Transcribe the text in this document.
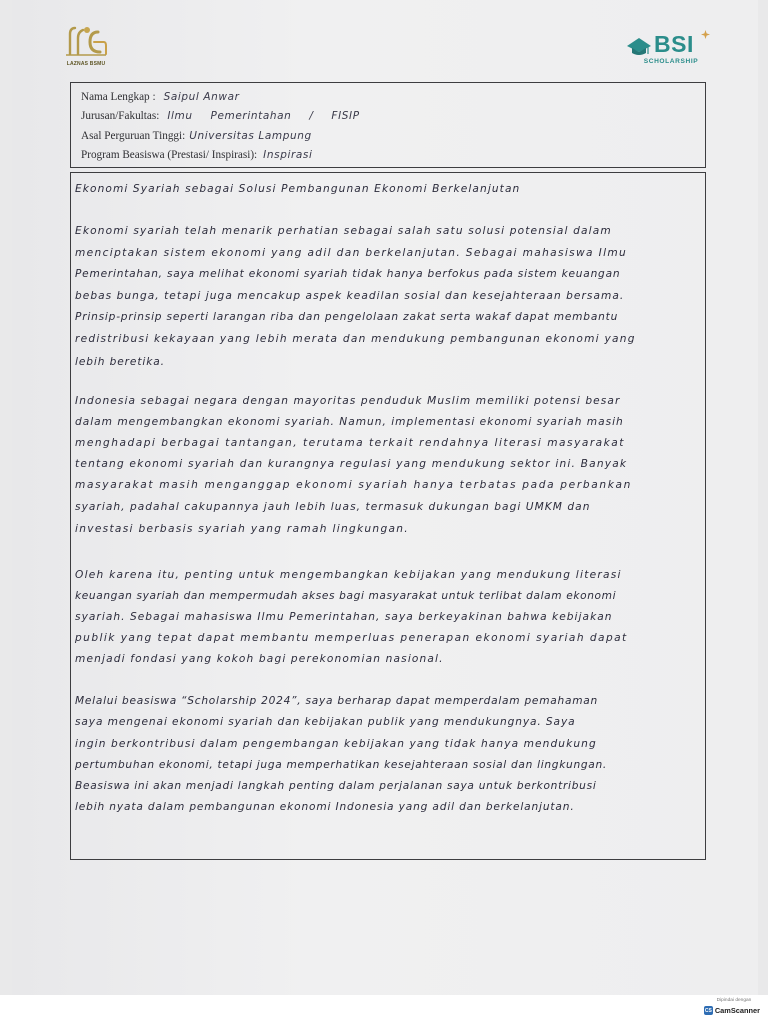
LAZNAS BSMU
BSI
SCHOLARSHIP
Nama Lengkap : Saipul Anwar
Jurusan/Fakultas: Ilmu Pemerintahan / FISIP
Asal Perguruan Tinggi: Universitas Lampung
Program Beasiswa (Prestasi/ Inspirasi): Inspirasi
Ekonomi Syariah sebagai Solusi Pembangunan Ekonomi Berkelanjutan
Ekonomi syariah telah menarik perhatian sebagai salah satu solusi potensial dalam
menciptakan sistem ekonomi yang adil dan berkelanjutan. Sebagai mahasiswa Ilmu
Pemerintahan, saya melihat ekonomi syariah tidak hanya berfokus pada sistem keuangan
bebas bunga, tetapi juga mencakup aspek keadilan sosial dan kesejahteraan bersama.
Prinsip-prinsip seperti larangan riba dan pengelolaan zakat serta wakaf dapat membantu
redistribusi kekayaan yang lebih merata dan mendukung pembangunan ekonomi yang
lebih beretika.
Indonesia sebagai negara dengan mayoritas penduduk Muslim memiliki potensi besar
dalam mengembangkan ekonomi syariah. Namun, implementasi ekonomi syariah masih
menghadapi berbagai tantangan, terutama terkait rendahnya literasi masyarakat
tentang ekonomi syariah dan kurangnya regulasi yang mendukung sektor ini. Banyak
masyarakat masih menganggap ekonomi syariah hanya terbatas pada perbankan
syariah, padahal cakupannya jauh lebih luas, termasuk dukungan bagi UMKM dan
investasi berbasis syariah yang ramah lingkungan.
Oleh karena itu, penting untuk mengembangkan kebijakan yang mendukung literasi
keuangan syariah dan mempermudah akses bagi masyarakat untuk terlibat dalam ekonomi
syariah. Sebagai mahasiswa Ilmu Pemerintahan, saya berkeyakinan bahwa kebijakan
publik yang tepat dapat membantu memperluas penerapan ekonomi syariah dapat
menjadi fondasi yang kokoh bagi perekonomian nasional.
Melalui beasiswa “Scholarship 2024”, saya berharap dapat memperdalam pemahaman
saya mengenai ekonomi syariah dan kebijakan publik yang mendukungnya. Saya
ingin berkontribusi dalam pengembangan kebijakan yang tidak hanya mendukung
pertumbuhan ekonomi, tetapi juga memperhatikan kesejahteraan sosial dan lingkungan.
Beasiswa ini akan menjadi langkah penting dalam perjalanan saya untuk berkontribusi
lebih nyata dalam pembangunan ekonomi Indonesia yang adil dan berkelanjutan.
Dipindai dengan
CS CamScanner
